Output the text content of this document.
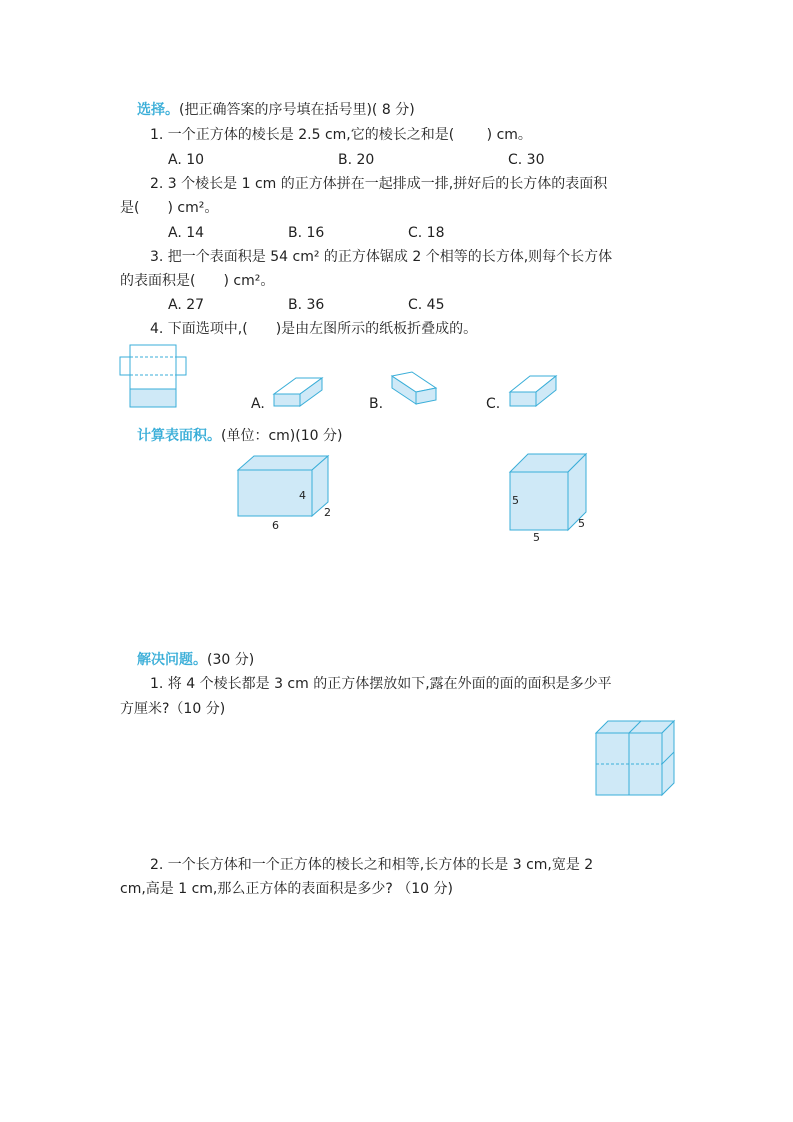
选择。(把正确答案的序号填在括号里)( 8 分)
1. 一个正方体的棱长是 2.5 cm,它的棱长之和是(　　 ) cm。
A. 10	B. 20	C. 30
2. 3 个棱长是 1 cm 的正方体拼在一起排成一排,拼好后的长方体的表面积
是(　　) cm²。
A. 14	B. 16	C. 18
3. 把一个表面积是 54 cm² 的正方体锯成 2 个相等的长方体,则每个长方体
的表面积是(　　) cm²。
A. 27	B. 36	C. 45
4. 下面选项中,(　　)是由左图所示的纸板折叠成的。
A.	B.	C.
计算表面积。(单位：cm)(10 分)
4
6
2
5
5
5
解决问题。(30 分)
1. 将 4 个棱长都是 3 cm 的正方体摆放如下,露在外面的面的面积是多少平
方厘米?（10 分)
2. 一个长方体和一个正方体的棱长之和相等,长方体的长是 3 cm,宽是 2
cm,高是 1 cm,那么正方体的表面积是多少? （10 分)
